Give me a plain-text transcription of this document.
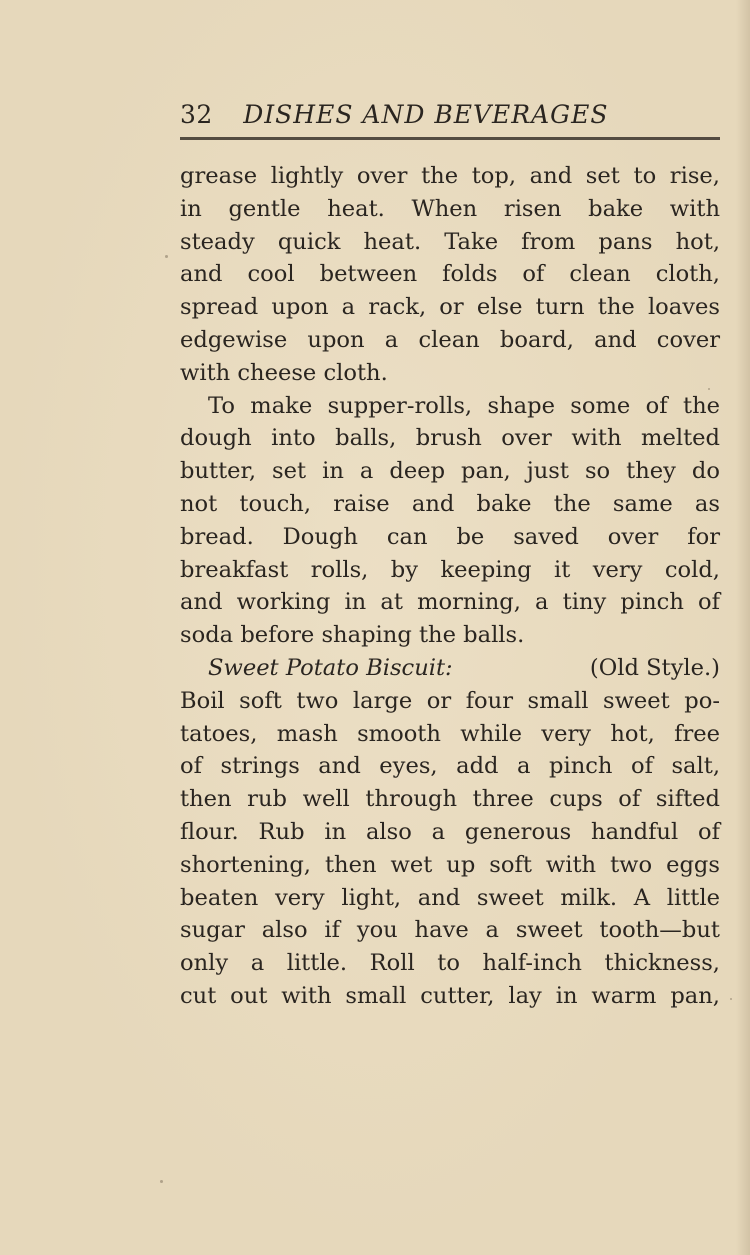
32 DISHES AND BEVERAGES
grease lightly over the top, and set to rise,
in gentle heat. When risen bake with
steady quick heat. Take from pans hot,
and cool between folds of clean cloth,
spread upon a rack, or else turn the loaves
edgewise upon a clean board, and cover
with cheese cloth.
To make supper-rolls, shape some of the
dough into balls, brush over with melted
butter, set in a deep pan, just so they do
not touch, raise and bake the same as
bread. Dough can be saved over for
breakfast rolls, by keeping it very cold,
and working in at morning, a tiny pinch of
soda before shaping the balls.
Sweet Potato Biscuit:	(Old Style.)
Boil soft two large or four small sweet po-
tatoes, mash smooth while very hot, free
of strings and eyes, add a pinch of salt,
then rub well through three cups of sifted
flour. Rub in also a generous handful of
shortening, then wet up soft with two eggs
beaten very light, and sweet milk. A little
sugar also if you have a sweet tooth—but
only a little. Roll to half-inch thickness,
cut out with small cutter, lay in warm pan,
